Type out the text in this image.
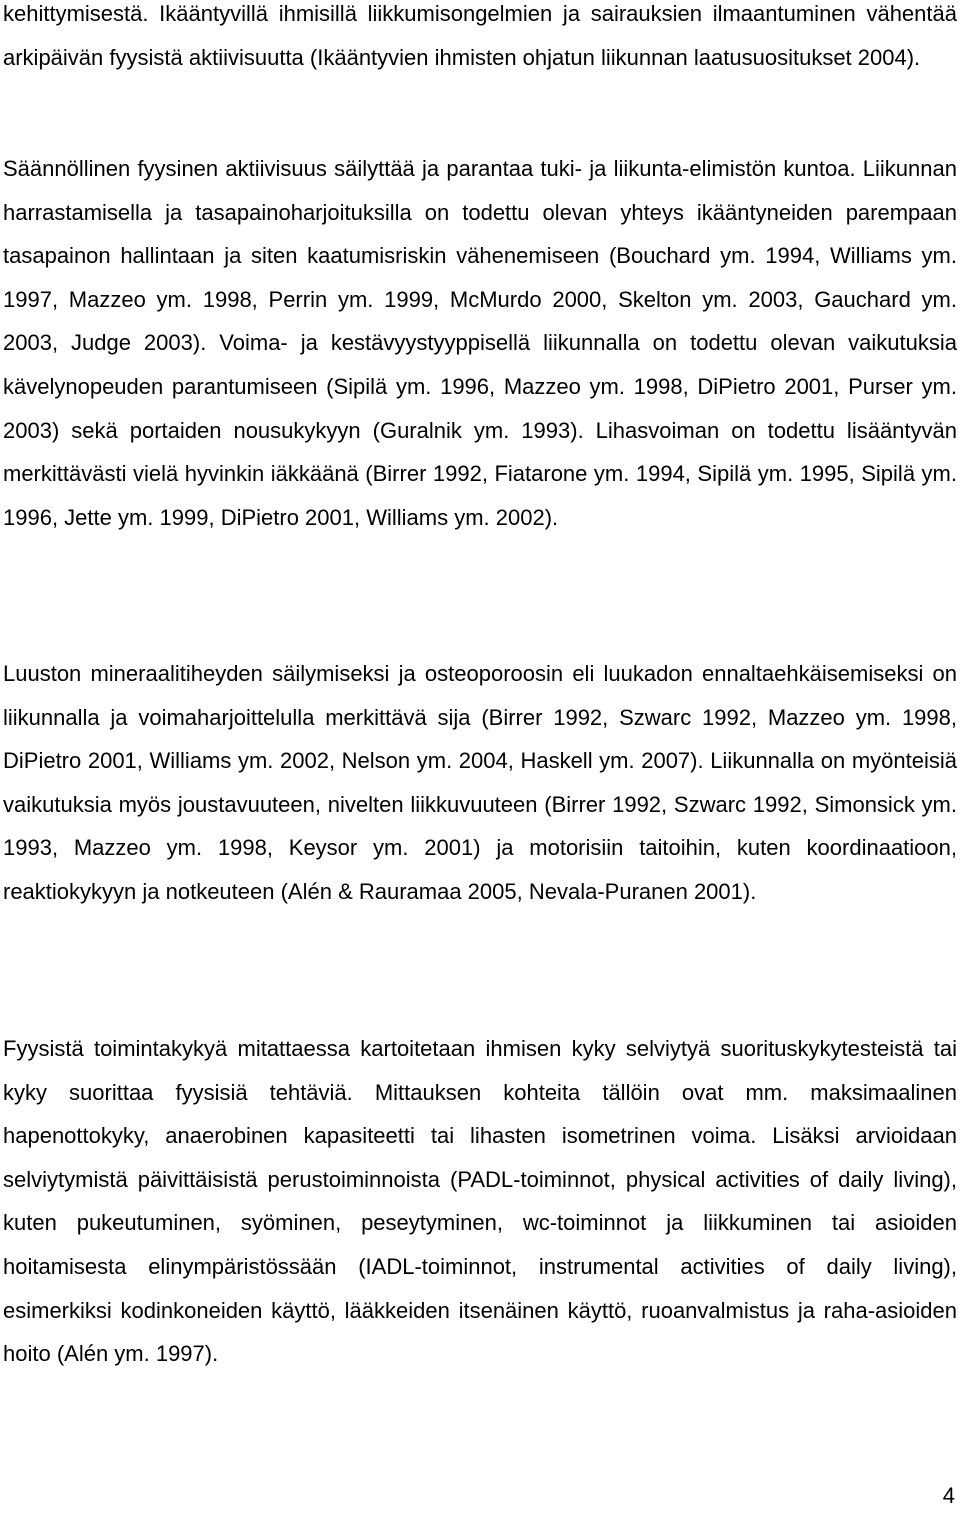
kehittymisestä. Ikääntyvillä ihmisillä liikkumisongelmien ja sairauksien ilmaantuminen vähentää arkipäivän fyysistä aktiivisuutta (Ikääntyvien ihmisten ohjatun liikunnan laatusuositukset 2004).

Säännöllinen fyysinen aktiivisuus säilyttää ja parantaa tuki- ja liikunta-elimistön kuntoa. Liikunnan harrastamisella ja tasapainoharjoituksilla on todettu olevan yhteys ikääntyneiden parempaan tasapainon hallintaan ja siten kaatumisriskin vähenemiseen (Bouchard ym. 1994, Williams ym. 1997, Mazzeo ym. 1998, Perrin ym. 1999, McMurdo 2000, Skelton ym. 2003, Gauchard ym. 2003, Judge 2003). Voima- ja kestävyystyyppisellä liikunnalla on todettu olevan vaikutuksia kävelynopeuden parantumiseen (Sipilä ym. 1996, Mazzeo ym. 1998, DiPietro 2001, Purser ym. 2003) sekä portaiden nousukykyyn (Guralnik ym. 1993). Lihasvoiman on todettu lisääntyvän merkittävästi vielä hyvinkin iäkkäänä (Birrer 1992, Fiatarone ym. 1994, Sipilä ym. 1995, Sipilä ym. 1996, Jette ym. 1999, DiPietro 2001, Williams ym. 2002).

Luuston mineraalitiheyden säilymiseksi ja osteoporoosin eli luukadon ennaltaehkäisemiseksi on liikunnalla ja voimaharjoittelulla merkittävä sija (Birrer 1992, Szwarc 1992, Mazzeo ym. 1998, DiPietro 2001, Williams ym. 2002, Nelson ym. 2004, Haskell ym. 2007). Liikunnalla on myönteisiä vaikutuksia myös joustavuuteen, nivelten liikkuvuuteen (Birrer 1992, Szwarc 1992, Simonsick ym. 1993, Mazzeo ym. 1998, Keysor ym. 2001) ja motorisiin taitoihin, kuten koordinaatioon, reaktiokykyyn ja notkeuteen (Alén & Rauramaa 2005, Nevala-Puranen 2001).

Fyysistä toimintakykyä mitattaessa kartoitetaan ihmisen kyky selviytyä suorituskykytesteistä tai kyky suorittaa fyysisiä tehtäviä. Mittauksen kohteita tällöin ovat mm. maksimaalinen hapenottokyky, anaerobinen kapasiteetti tai lihasten isometrinen voima. Lisäksi arvioidaan selviytymistä päivittäisistä perustoiminnoista (PADL-toiminnot, physical activities of daily living), kuten pukeutuminen, syöminen, peseytyminen, wc-toiminnot ja liikkuminen tai asioiden hoitamisesta elinympäristössään (IADL-toiminnot, instrumental activities of daily living), esimerkiksi kodinkoneiden käyttö, lääkkeiden itsenäinen käyttö, ruoanvalmistus ja raha-asioiden hoito (Alén ym. 1997).

4
